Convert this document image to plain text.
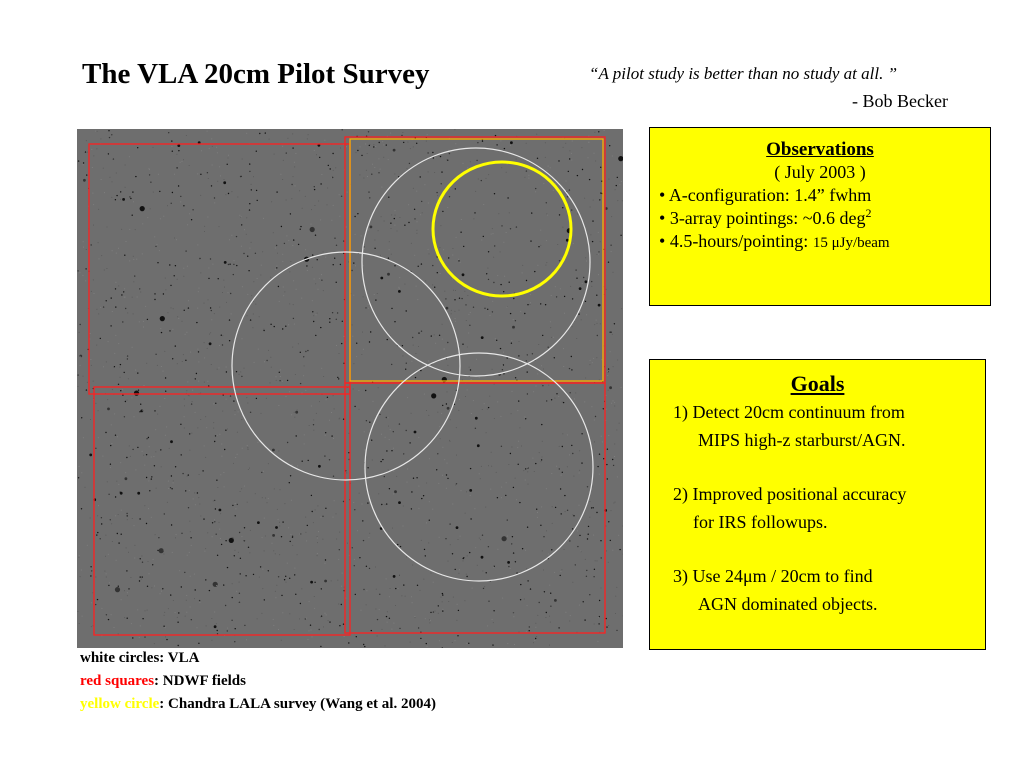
The VLA 20cm Pilot Survey	“A pilot study is better than no study at all. ”
- Bob Becker
white circles: VLA
red squares: NDWF fields
yellow circle: Chandra LALA survey (Wang et al. 2004)
Observations
( July 2003 )
• A-configuration: 1.4” fwhm
• 3-array pointings: ~0.6 deg$^2$
• 4.5-hours/pointing: 15 μJy/beam
Goals
1) Detect 20cm continuum from
MIPS high-z starburst/AGN.
2) Improved positional accuracy
for IRS followups.
3) Use 24μm / 20cm to find
AGN dominated objects.
